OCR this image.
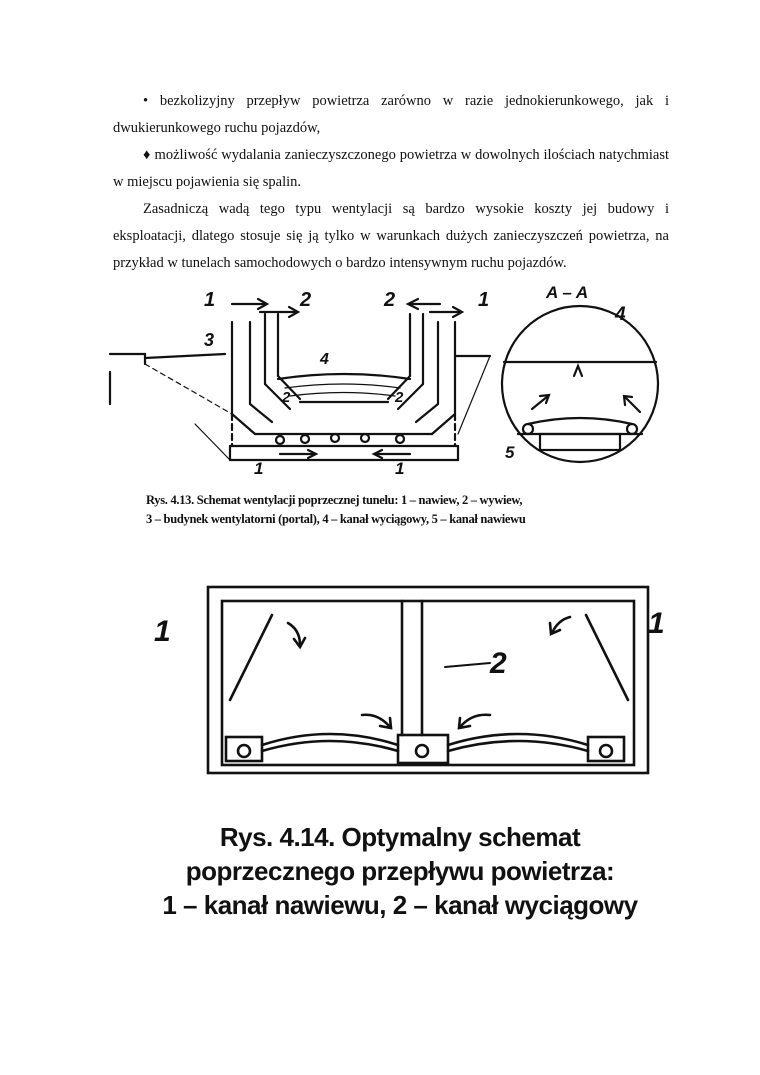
• bezkolizyjny przepływ powietrza zarówno w razie jednokierunkowego, jak i dwukierunkowego ruchu pojazdów,

♦ możliwość wydalania zanieczyszczonego powietrza w dowolnych ilościach natychmiast w miejscu pojawienia się spalin.

Zasadniczą wadą tego typu wentylacji są bardzo wysokie koszty jej budowy i eksploatacji, dlatego stosuje się ją tylko w warunkach dużych zanieczyszczeń powietrza, na przykład w tunelach samochodowych o bardzo intensywnym ruchu pojazdów.

1	2	2	1
3
4
2	2
1	1
A – A
4
5
Rys. 4.13. Schemat wentylacji poprzecznej tunelu: 1 – nawiew, 2 – wywiew,
3 – budynek wentylatorni (portal), 4 – kanał wyciągowy, 5 – kanał nawiewu
1
2
1
Rys. 4.14. Optymalny schemat
poprzecznego przepływu powietrza:
1 – kanał nawiewu, 2 – kanał wyciągowy
